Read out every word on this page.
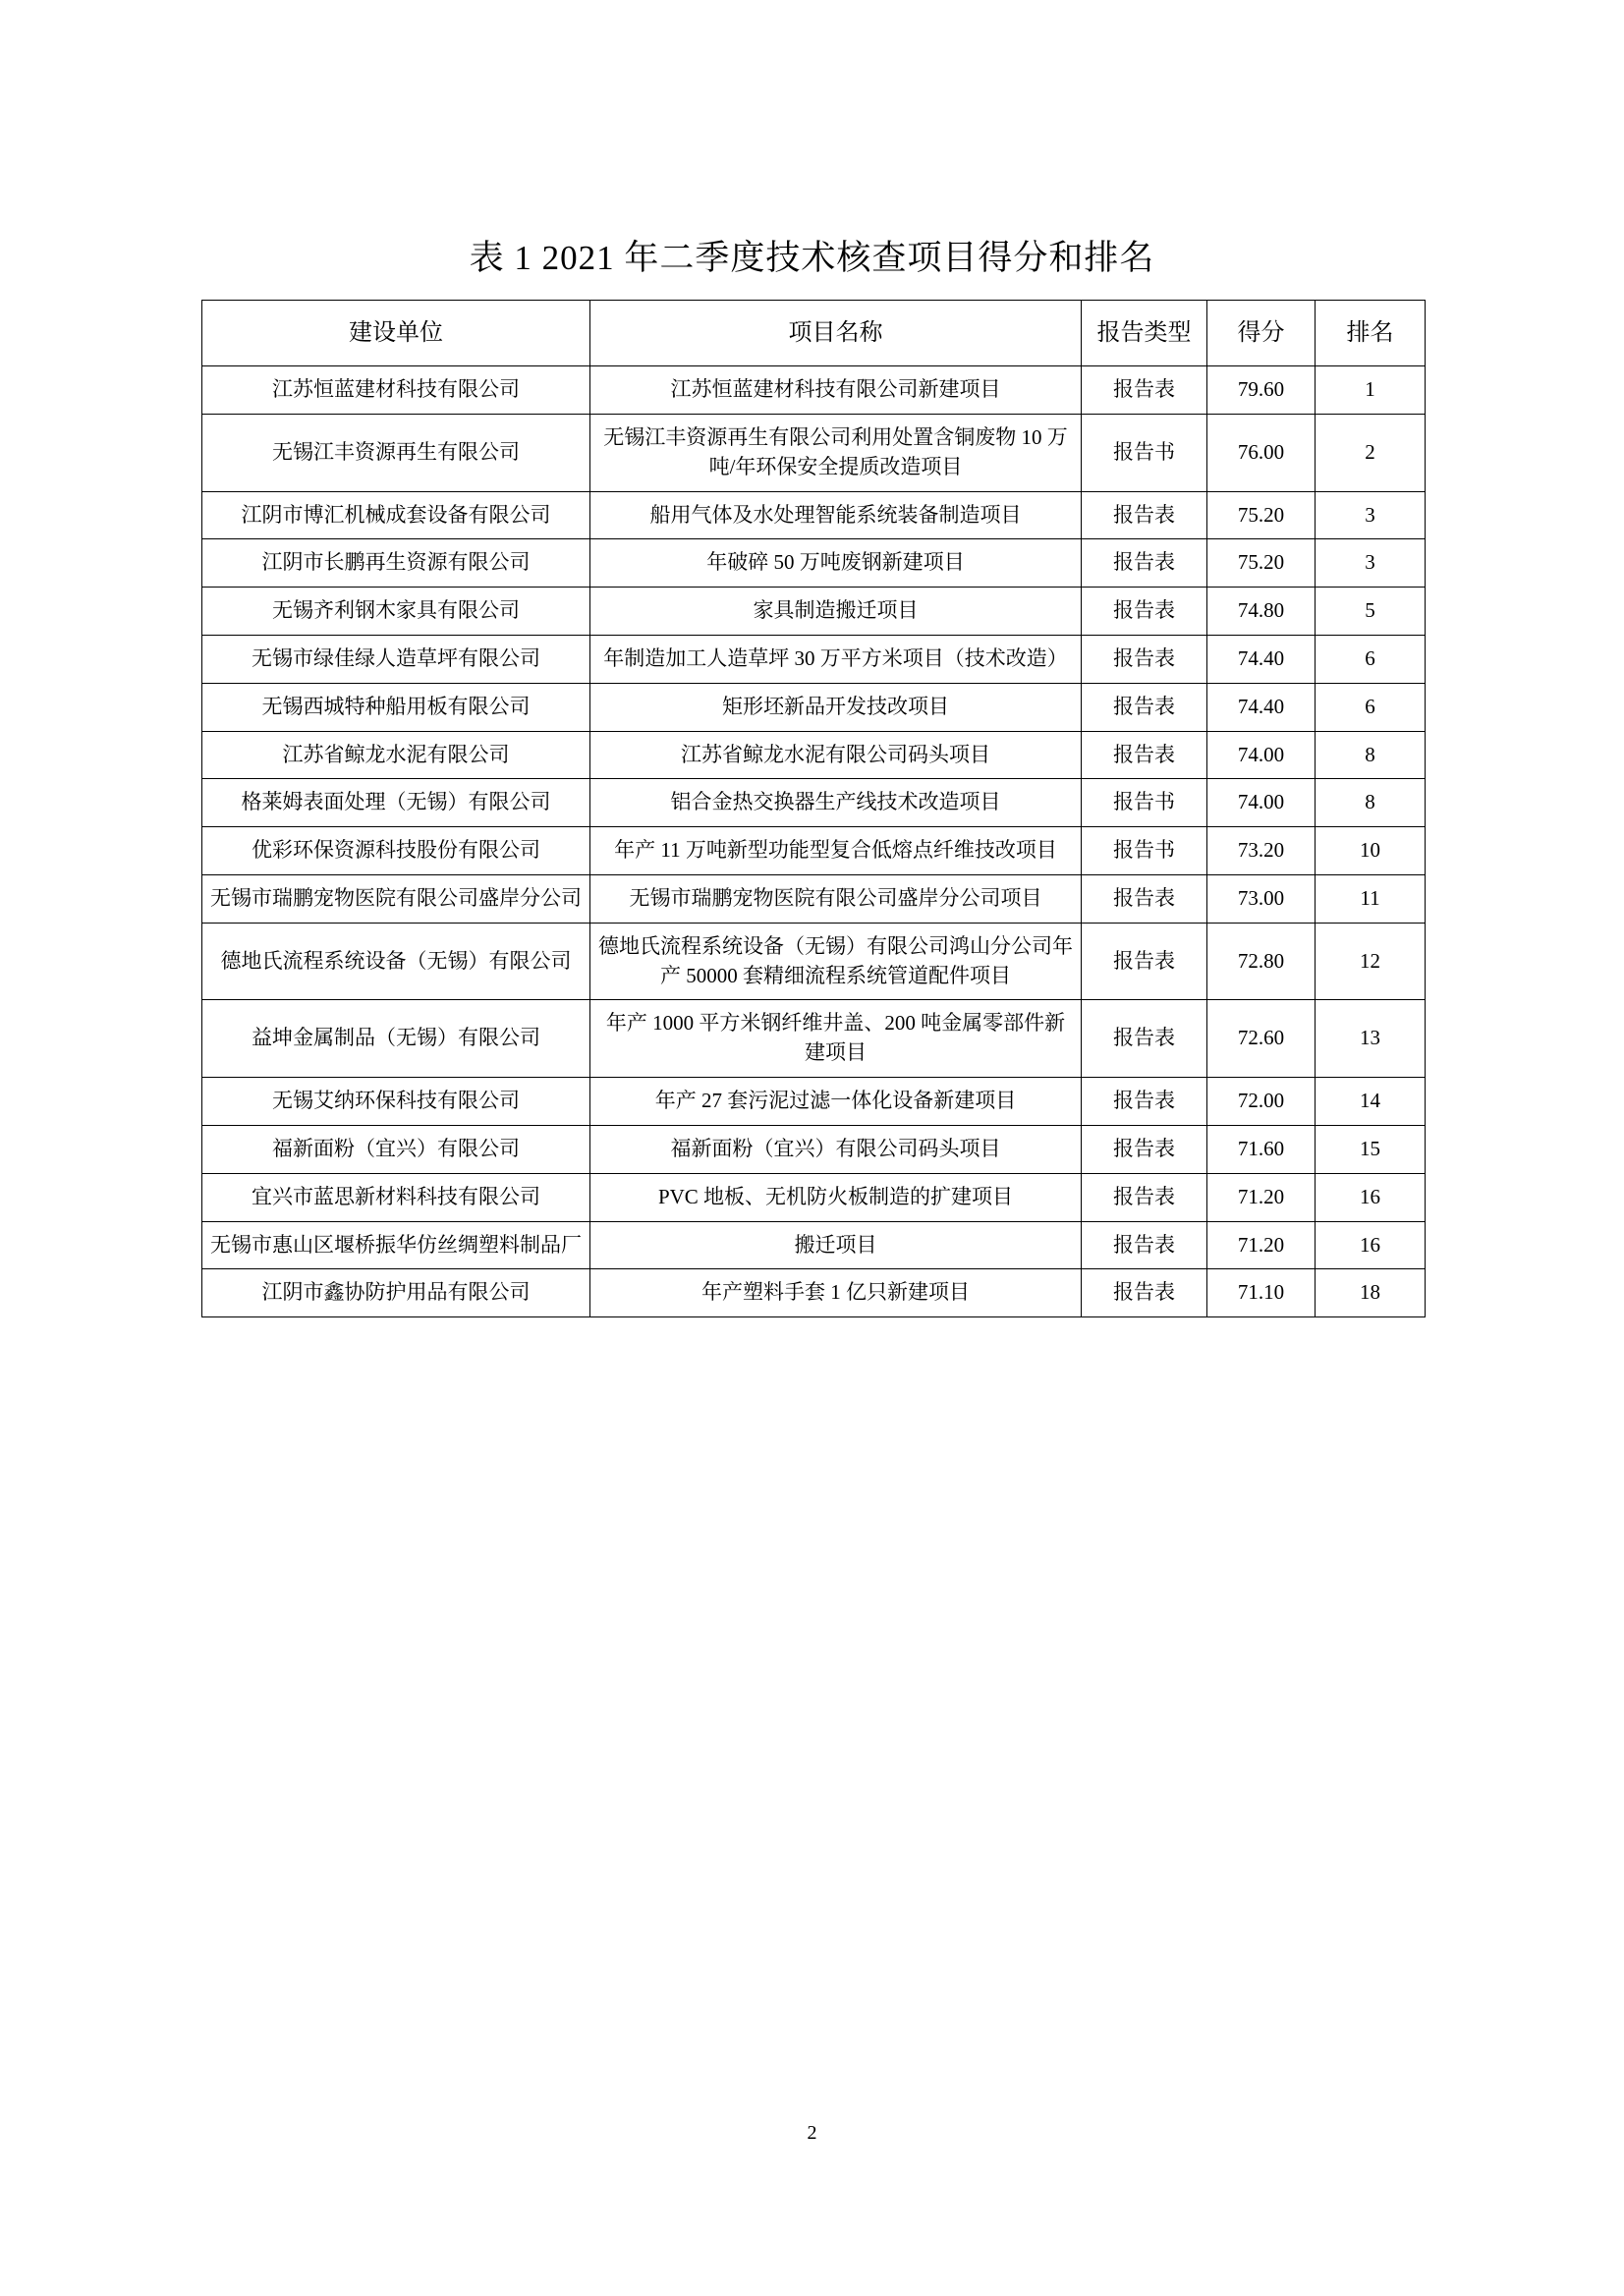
表 1 2021 年二季度技术核查项目得分和排名
建设单位	项目名称	报告类型	得分	排名
江苏恒蓝建材科技有限公司	江苏恒蓝建材科技有限公司新建项目	报告表	79.60	1
无锡江丰资源再生有限公司	无锡江丰资源再生有限公司利用处置含铜废物 10 万吨/年环保安全提质改造项目	报告书	76.00	2
江阴市博汇机械成套设备有限公司	船用气体及水处理智能系统装备制造项目	报告表	75.20	3
江阴市长鹏再生资源有限公司	年破碎 50 万吨废钢新建项目	报告表	75.20	3
无锡齐利钢木家具有限公司	家具制造搬迁项目	报告表	74.80	5
无锡市绿佳绿人造草坪有限公司	年制造加工人造草坪 30 万平方米项目（技术改造）	报告表	74.40	6
无锡西城特种船用板有限公司	矩形坯新品开发技改项目	报告表	74.40	6
江苏省鲸龙水泥有限公司	江苏省鲸龙水泥有限公司码头项目	报告表	74.00	8
格莱姆表面处理（无锡）有限公司	铝合金热交换器生产线技术改造项目	报告书	74.00	8
优彩环保资源科技股份有限公司	年产 11 万吨新型功能型复合低熔点纤维技改项目	报告书	73.20	10
无锡市瑞鹏宠物医院有限公司盛岸分公司	无锡市瑞鹏宠物医院有限公司盛岸分公司项目	报告表	73.00	11
德地氏流程系统设备（无锡）有限公司	德地氏流程系统设备（无锡）有限公司鸿山分公司年产 50000 套精细流程系统管道配件项目	报告表	72.80	12
益坤金属制品（无锡）有限公司	年产 1000 平方米钢纤维井盖、200 吨金属零部件新建项目	报告表	72.60	13
无锡艾纳环保科技有限公司	年产 27 套污泥过滤一体化设备新建项目	报告表	72.00	14
福新面粉（宜兴）有限公司	福新面粉（宜兴）有限公司码头项目	报告表	71.60	15
宜兴市蓝思新材料科技有限公司	PVC 地板、无机防火板制造的扩建项目	报告表	71.20	16
无锡市惠山区堰桥振华仿丝绸塑料制品厂	搬迁项目	报告表	71.20	16
江阴市鑫协防护用品有限公司	年产塑料手套 1 亿只新建项目	报告表	71.10	18
2
